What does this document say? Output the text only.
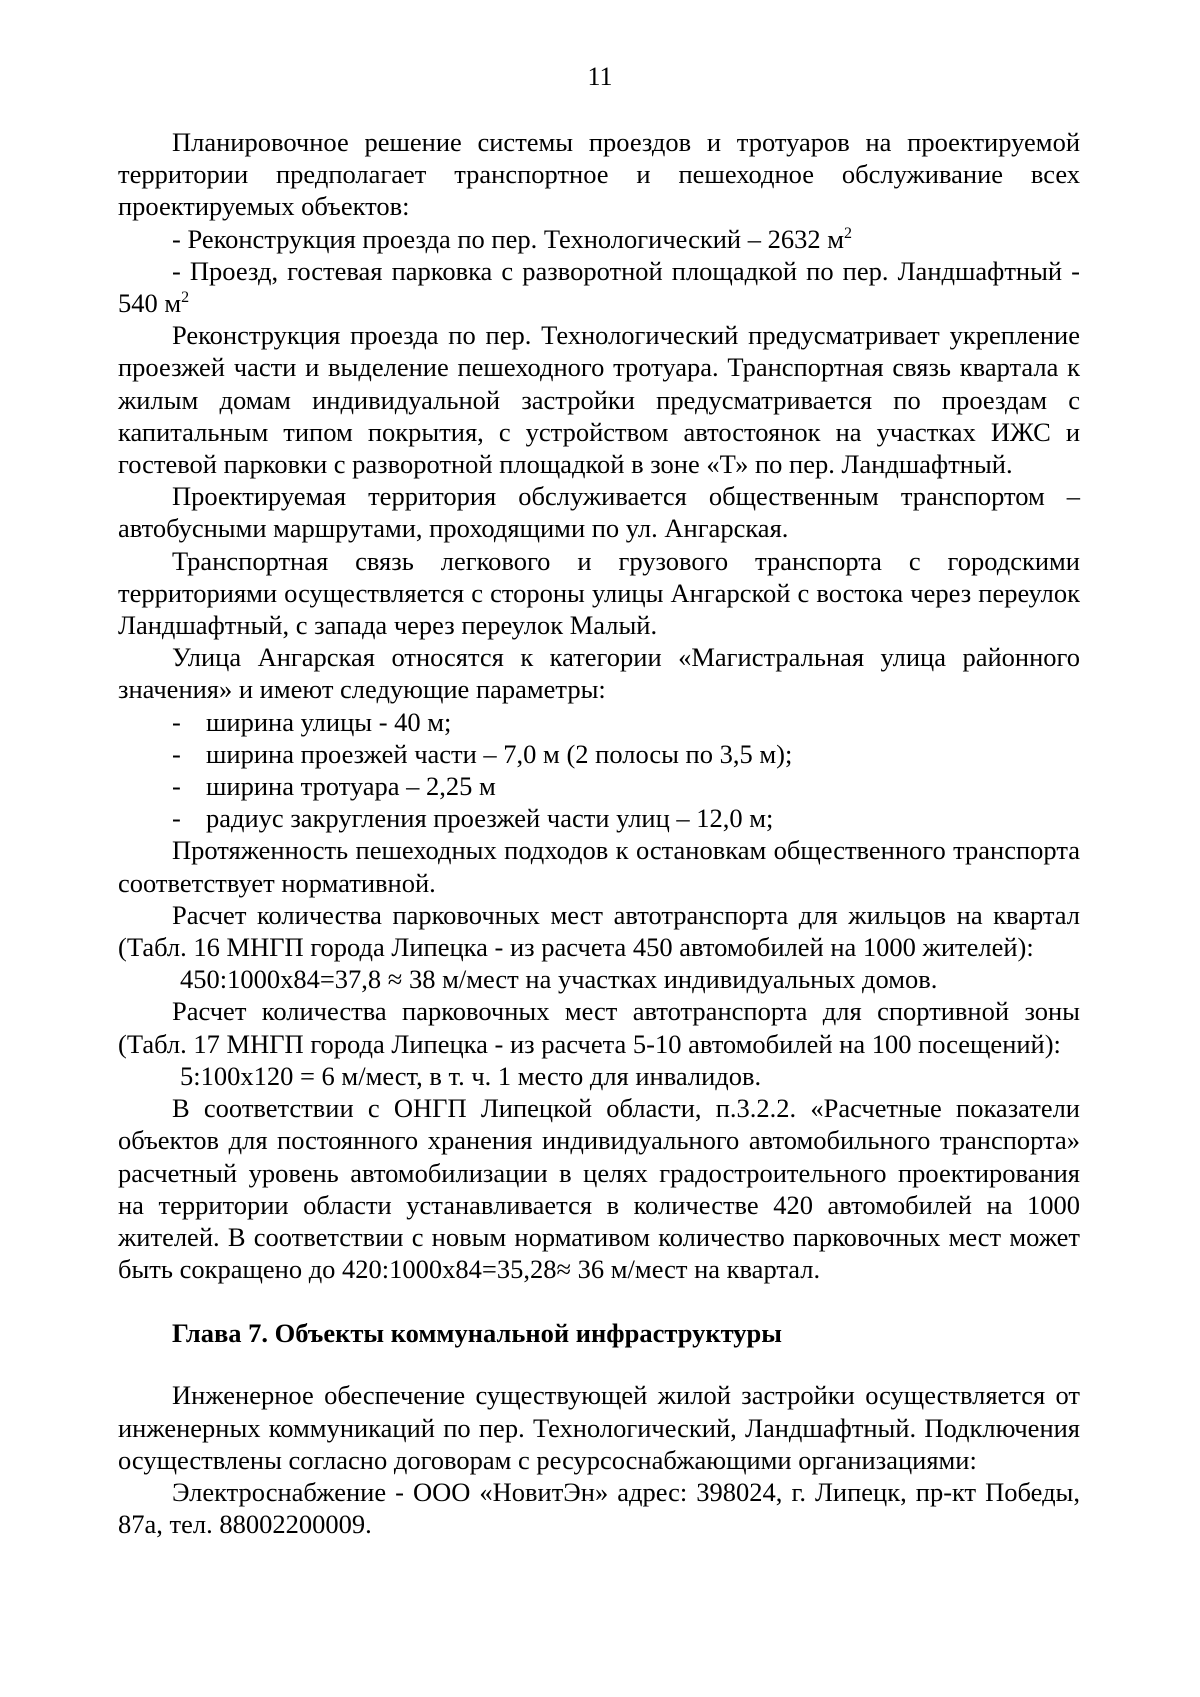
11

Планировочное решение системы проездов и тротуаров на проектируемой территории предполагает транспортное и пешеходное обслуживание всех проектируемых объектов:

- Реконструкция проезда по пер. Технологический – 2632 $м^2$

- Проезд, гостевая парковка с разворотной площадкой по пер. Ландшафтный - 540 $м^2$

Реконструкция проезда по пер. Технологический предусматривает укрепление проезжей части и выделение пешеходного тротуара. Транспортная связь квартала к жилым домам индивидуальной застройки предусматривается по проездам с капитальным типом покрытия, с устройством автостоянок на участках ИЖС и гостевой парковки с разворотной площадкой в зоне «Т» по пер. Ландшафтный.

Проектируемая территория обслуживается общественным транспортом – автобусными маршрутами, проходящими по ул. Ангарская.

Транспортная связь легкового и грузового транспорта с городскими территориями осуществляется с стороны улицы Ангарской с востока через переулок Ландшафтный, с запада через переулок Малый.

Улица Ангарская относятся к категории «Магистральная улица районного значения» и имеют следующие параметры:

- ширина улицы - 40 м;

- ширина проезжей части – 7,0 м (2 полосы по 3,5 м);

- ширина тротуара – 2,25 м

- радиус закругления проезжей части улиц – 12,0 м;

Протяженность пешеходных подходов к остановкам общественного транспорта соответствует нормативной.

Расчет количества парковочных мест автотранспорта для жильцов на квартал (Табл. 16 МНГП города Липецка - из расчета 450 автомобилей на 1000 жителей):

450:1000х84=37,8 ≈ 38 м/мест на участках индивидуальных домов.

Расчет количества парковочных мест автотранспорта для спортивной зоны (Табл. 17 МНГП города Липецка - из расчета 5-10 автомобилей на 100 посещений):

5:100х120 = 6 м/мест, в т. ч. 1 место для инвалидов.

В соответствии с ОНГП Липецкой области, п.3.2.2. «Расчетные показатели объектов для постоянного хранения индивидуального автомобильного транспорта» расчетный уровень автомобилизации в целях градостроительного проектирования на территории области устанавливается в количестве 420 автомобилей на 1000 жителей. В соответствии с новым нормативом количество парковочных мест может быть сокращено до 420:1000х84=35,28≈ 36 м/мест на квартал.

Глава 7. Объекты коммунальной инфраструктуры

Инженерное обеспечение существующей жилой застройки осуществляется от инженерных коммуникаций по пер. Технологический, Ландшафтный. Подключения осуществлены согласно договорам с ресурсоснабжающими организациями:

Электроснабжение - ООО «НовитЭн» адрес: 398024, г. Липецк, пр-кт Победы, 87а, тел. 88002200009.
